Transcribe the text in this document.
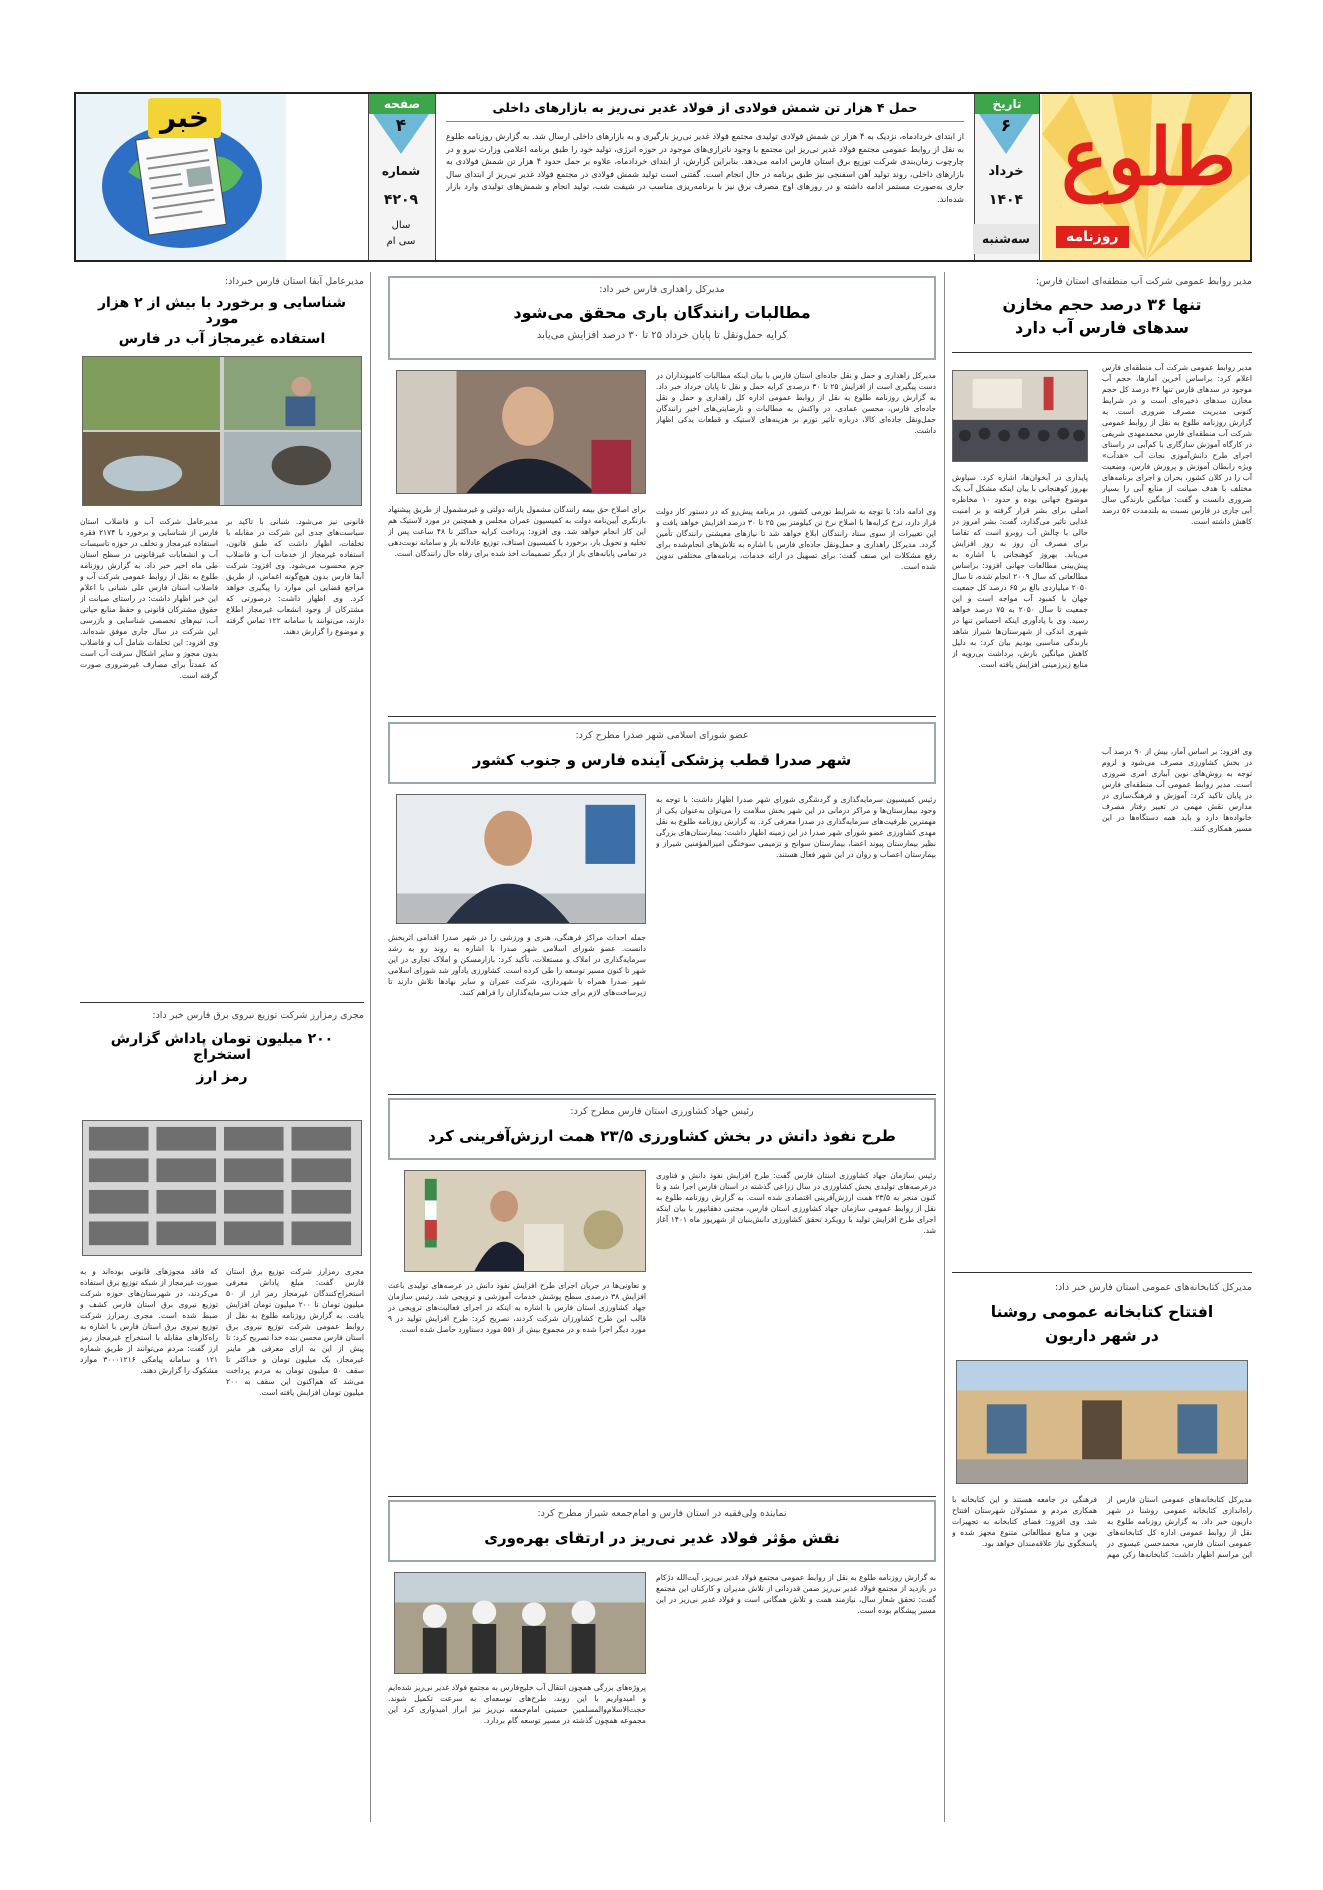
طلوع
روزنامه
تاریخ
۶
خرداد
۱۴۰۴
سه‌شنبه
حمل ۴ هزار تن شمش فولادی از فولاد غدیر نی‌ریز به بازارهای داخلی
از ابتدای خردادماه، نزدیک به ۴ هزار تن شمش فولادی تولیدی مجتمع فولاد غدیر نی‌ریز بارگیری و به بازارهای داخلی ارسال شد. به گزارش روزنامه طلوع به نقل از روابط عمومی مجتمع فولاد غدیر نی‌ریز این مجتمع با وجود ناترازی‌های موجود در حوزه انرژی، تولید خود را طبق برنامه اعلامی وزارت نیرو و در چارچوب زمان‌بندی شرکت توزیع برق استان فارس ادامه می‌دهد. بنابراین گزارش، از ابتدای خردادماه، علاوه بر حمل حدود ۴ هزار تن شمش فولادی به بازارهای داخلی، روند تولید آهن اسفنجی نیز طبق برنامه در حال انجام است. گفتنی است تولید شمش فولادی در مجتمع فولاد غدیر نی‌ریز از ابتدای سال جاری به‌صورت مستمر ادامه داشته و در روزهای اوج مصرف برق نیز با برنامه‌ریزی مناسب در شیفت شب، تولید انجام و شمش‌های تولیدی وارد بازار شده‌اند.
صفحه
۴
شماره
۴۲۰۹
سال
سی ام
خبر
مدیر روابط عمومی شرکت آب منطقه‌ای استان فارس:
تنها ۳۶ درصد حجم مخازن
سدهای فارس آب دارد
مدیر روابط عمومی شرکت آب منطقه‌ای فارس اعلام کرد: براساس آخرین آمارها، حجم آب موجود در سدهای فارس تنها ۳۶ درصد کل حجم مخازن سدهای ذخیره‌ای است و در شرایط کنونی مدیریت مصرف ضروری است. به گزارش روزنامه طلوع به نقل از روابط عمومی شرکت آب منطقه‌ای فارس محمدمهدی شریفی در کارگاه آموزش سازگاری با کم‌آبی در راستای اجرای طرح دانش‌آموزی نجات آب «هدآب» ویژه رابطان آموزش و پرورش فارس، وضعیت آب را در کلان کشور، بحران و اجرای برنامه‌های مختلف با هدف صیانت از منابع آبی را بسیار ضروری دانست و گفت: میانگین بارندگی سال آبی جاری در فارس نسبت به بلندمدت ۵۶ درصد کاهش داشته است.
پایداری در آبخوان‌ها، اشاره کرد. سیاوش بهروز کوهنجانی با بیان اینکه مشکل آب یک موضوع جهانی بوده و حدود ۱۰ مخاطره اصلی برای بشر قرار گرفته و بر امنیت غذایی تاثیر می‌گذارد، گفت: بشر امروز در حالی با چالش آب روبرو است که تقاضا برای مصرف آن روز به روز افزایش می‌یابد. بهروز کوهنجانی با اشاره به پیش‌بینی مطالعات جهانی افزود: براساس مطالعاتی که سال ۲۰۰۹ انجام شده، تا سال ۲۰۵۰ میلیاردی بالغ بر ۶۵ درصد کل جمعیت جهان با کمبود آب مواجه است و این جمعیت تا سال ۲۰۵۰ به ۷۵ درصد خواهد رسید. وی با یادآوری اینکه احساس تنها در شهری اندکی از شهرستان‌ها شیراز شاهد بارندگی مناسبی بودیم بیان کرد: به دلیل کاهش میانگین بارش، برداشت بی‌رویه از منابع زیرزمینی افزایش یافته است.
وی افزود: بر اساس آمار، بیش از ۹۰ درصد آب در بخش کشاورزی مصرف می‌شود و لزوم توجه به روش‌های نوین آبیاری امری ضروری است. مدیر روابط عمومی آب منطقه‌ای فارس در پایان تاکید کرد: آموزش و فرهنگ‌سازی در مدارس نقش مهمی در تغییر رفتار مصرف خانواده‌ها دارد و باید همه دستگاه‌ها در این مسیر همکاری کنند.
مدیرکل کتابخانه‌های عمومی استان فارس خبر داد:
افتتاح کتابخانه عمومی روشنا
در شهر داریون
مدیرکل کتابخانه‌های عمومی استان فارس از راه‌اندازی کتابخانه عمومی روشنا در شهر داریون خبر داد. به گزارش روزنامه طلوع به نقل از روابط عمومی اداره کل کتابخانه‌های عمومی استان فارس، محمدحسن عیسوی در این مراسم اظهار داشت: کتابخانه‌ها رکن مهم فرهنگی در جامعه هستند و این کتابخانه با همکاری مردم و مسئولان شهرستان افتتاح شد. وی افزود: فضای کتابخانه به تجهیزات نوین و منابع مطالعاتی متنوع مجهز شده و پاسخگوی نیاز علاقه‌مندان خواهد بود.
مدیرکل راهداری فارس خبر داد:
مطالبات رانندگان باری محقق می‌شود
کرایه حمل‌ونقل تا پایان خرداد ۲۵ تا ۳۰ درصد افزایش می‌یابد
مدیرکل راهداری و حمل و نقل جاده‌ای استان فارس با بیان اینکه مطالبات کامیونداران در دست پیگیری است از افزایش ۲۵ تا ۳۰ درصدی کرایه حمل و نقل تا پایان خرداد خبر داد. به گزارش روزنامه طلوع به نقل از روابط عمومی اداره کل راهداری و حمل و نقل جاده‌ای فارس، محسن عمادی، در واکنش به مطالبات و نارضایتی‌های اخیر رانندگان حمل‌ونقل جاده‌ای کالا، درباره تأثیر تورم بر هزینه‌های لاستیک و قطعات یدکی اظهار داشت.
وی ادامه داد: با توجه به شرایط تورمی کشور، در برنامه پیش‌رو که در دستور کار دولت قرار دارد، نرخ کرایه‌ها با اصلاح نرخ تن کیلومتر بین ۲۵ تا ۳۰ درصد افزایش خواهد یافت و این تغییرات از سوی ستاد رانندگان ابلاغ خواهد شد تا نیازهای معیشتی رانندگان تأمین گردد. مدیرکل راهداری و حمل‌ونقل جاده‌ای فارس با اشاره به تلاش‌های انجام‌شده برای رفع مشکلات این صنف گفت: برای تسهیل در ارائه خدمات، برنامه‌های مختلفی تدوین شده است.
برای اصلاح حق بیمه رانندگان مشمول یارانه دولتی و غیرمشمول از طریق پیشنهاد بازنگری آیین‌نامه دولت به کمیسیون عمران مجلس و همچنین در مورد لاستیک هم این کار انجام خواهد شد. وی افزود: پرداخت کرایه حداکثر تا ۴۸ ساعت پس از تخلیه و تحویل بار، برخورد با کمیسیون اصناف، توزیع عادلانه بار و سامانه نوبت‌دهی در تمامی پایانه‌های بار از دیگر تصمیمات اخذ شده برای رفاه حال رانندگان است.
عضو شورای اسلامی شهر صدرا مطرح کرد:
شهر صدرا قطب پزشکی آینده فارس و جنوب کشور
رئیس کمیسیون سرمایه‌گذاری و گردشگری شورای شهر صدرا اظهار داشت: با توجه به وجود بیمارستان‌ها و مراکز درمانی در این شهر بخش سلامت را می‌توان به‌عنوان یکی از مهمترین ظرفیت‌های سرمایه‌گذاری در صدرا معرفی کرد. به گزارش روزنامه طلوع به نقل مهدی کشاورزی عضو شورای شهر صدرا در این زمینه اظهار داشت: بیمارستان‌های بزرگی نظیر بیمارستان پیوند اعضا، بیمارستان سوانح و ترمیمی سوختگی امیرالمؤمنین شیراز و بیمارستان اعصاب و روان در این شهر فعال هستند.
جمله احداث مراکز فرهنگی، هنری و ورزشی را در شهر صدرا اقدامی اثربخش دانست. عضو شورای اسلامی شهر صدرا با اشاره به روند رو به رشد سرمایه‌گذاری در املاک و مستغلات، تأکید کرد: بازارمسکن و املاک تجاری در این شهر تا کنون مسیر توسعه را طی کرده است. کشاورزی یادآور شد شورای اسلامی شهر صدرا همراه با شهرداری، شرکت عمران و سایر نهادها تلاش دارند تا زیرساخت‌های لازم برای جذب سرمایه‌گذاران را فراهم کنند.
رئیس جهاد کشاورزی استان فارس مطرح کرد:
طرح نفوذ دانش در بخش کشاورزی ۲۳/۵ همت ارزش‌آفرینی کرد
رئیس سازمان جهاد کشاورزی استان فارس گفت: طرح افزایش نفوذ دانش و فناوری درعرصه‌های تولیدی بخش کشاورزی در سال زراعی گذشته در استان فارس اجرا شد و تا کنون منجر به ۲۳/۵ همت ارزش‌آفرینی اقتصادی شده است. به گزارش روزنامه طلوع به نقل از روابط عمومی سازمان جهاد کشاورزی استان فارس، مجتبی دهقانپور با بیان اینکه اجرای طرح افزایش تولید با رویکرد تحقق کشاورزی دانش‌بنیان از شهریور ماه ۱۴۰۱ آغاز شد.
و تعاونی‌ها در جریان اجرای طرح افزایش نفوذ دانش در عرصه‌های تولیدی باعث افزایش ۳۸ درصدی سطح پوشش خدمات آموزشی و ترویجی شد. رئیس سازمان جهاد کشاورزی استان فارس با اشاره به اینکه در اجرای فعالیت‌های ترویجی در قالب این طرح کشاورزان شرکت کردند، تصریح کرد: طرح افزایش تولید در ۹ مورد دیگر اجرا شده و در مجموع بیش از ۵۵۱ مورد دستاورد حاصل شده است.
نماینده ولی‌فقیه در استان فارس و امام‌جمعه شیراز مطرح کرد:
نقش مؤثر فولاد غدیر نی‌ریز در ارتقای بهره‌وری
به گزارش روزنامه طلوع به نقل از روابط عمومی مجتمع فولاد غدیر نی‌ریز، آیت‌الله دژکام در بازدید از مجتمع فولاد غدیر نی‌ریز ضمن قدردانی از تلاش مدیران و کارکنان این مجتمع گفت: تحقق شعار سال، نیازمند همت و تلاش همگانی است و فولاد غدیر نی‌ریز در این مسیر پیشگام بوده است.
پروژه‌های بزرگی همچون انتقال آب خلیج‌فارس به مجتمع فولاد غدیر نی‌ریز شده‌ایم و امیدواریم با این روند، طرح‌های توسعه‌ای به سرعت تکمیل شوند. حجت‌الاسلام‌والمسلمین حسینی امام‌جمعه نی‌ریز نیز ابراز امیدواری کرد این مجموعه همچون گذشته در مسیر توسعه گام بردارد.
مدیرعامل آبفا استان فارس خبرداد:
شناسایی و برخورد با بیش از ۲ هزار مورد
استفاده غیرمجاز آب در فارس
مدیرعامل شرکت آب و فاضلاب استان فارس از شناسایی و برخورد با ۲۱۷۴ فقره استفاده غیرمجاز و تخلف در حوزه تاسیسات آب و انشعابات غیرقانونی در سطح استان طی ماه اخیر خبر داد. به گزارش روزنامه طلوع به نقل از روابط عمومی شرکت آب و فاضلاب استان فارس علی شبانی با اعلام این خبر اظهار داشت: در راستای صیانت از حقوق مشترکان قانونی و حفظ منابع حیاتی آب، تیم‌های تخصصی شناسایی و بازرسی این شرکت در سال جاری موفق شده‌اند. وی افزود: این تخلفات شامل آب و فاضلاب بدون مجوز و سایر اشکال سرقت آب است که عمدتاً برای مصارف غیرضروری صورت گرفته است.
قانونی نیز می‌شود. شبانی با تاکید بر سیاست‌های جدی این شرکت در مقابله با تخلفات، اظهار داشت که طبق قانون، استفاده غیرمجاز از خدمات آب و فاضلاب جرم محسوب می‌شود. وی افزود: شرکت آبفا فارس بدون هیچ‌گونه اغماض، از طریق مراجع قضایی این موارد را پیگیری خواهد کرد. وی اظهار داشت: درصورتی که مشترکان از وجود انشعاب غیرمجاز اطلاع دارند، می‌توانند با سامانه ۱۲۲ تماس گرفته و موضوع را گزارش دهند.
مجری رمزارز شرکت توزیع نیروی برق فارس خبر داد:
۲۰۰ میلیون تومان پاداش گزارش استخراج
رمز ارز
مجری رمزارز شرکت توزیع برق استان فارس گفت: مبلغ پاداش معرفی استخراج‌کنندگان غیرمجاز رمز ارز از ۵۰ میلیون تومان تا ۲۰۰ میلیون تومان افزایش یافت. به گزارش روزنامه طلوع به نقل از روابط عمومی شرکت توزیع نیروی برق استان فارس محسن بنده خدا تصریح کرد: تا پیش از این به ازای معرفی هر ماینر غیرمجاز، یک میلیون تومان و حداکثر تا سقف ۵۰ میلیون تومان به مردم پرداخت می‌شد که هم‌اکنون این سقف به ۲۰۰ میلیون تومان افزایش یافته است.
که فاقد مجوزهای قانونی بوده‌اند و به صورت غیرمجاز از شبکه توزیع برق استفاده می‌کردند، در شهرستان‌های حوزه شرکت توزیع نیروی برق استان فارس کشف و ضبط شده است. مجری رمزارز شرکت توزیع نیروی برق استان فارس با اشاره به راه‌کارهای مقابله با استخراج غیرمجاز رمز ارز گفت: مردم می‌توانند از طریق شماره ۱۲۱ و سامانه پیامکی ۳۰۰۰۱۲۱۶ موارد مشکوک را گزارش دهند.
